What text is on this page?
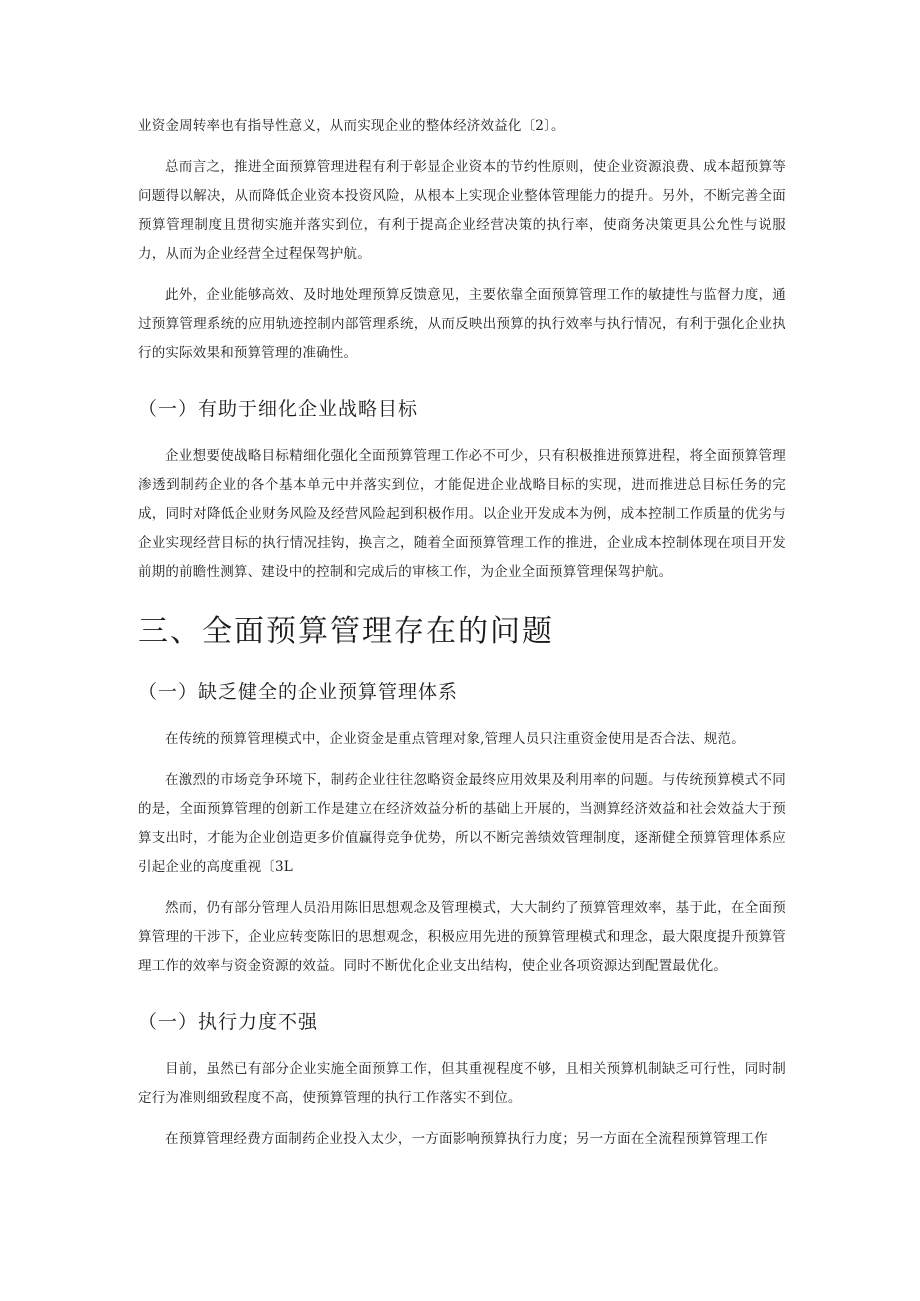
业资金周转率也有指导性意义，从而实现企业的整体经济效益化〔2〕。

总而言之，推进全面预算管理进程有利于彰显企业资本的节约性原则，使企业资源浪费、成本超预算等问题得以解决，从而降低企业资本投资风险，从根本上实现企业整体管理能力的提升。另外，不断完善全面预算管理制度且贯彻实施并落实到位，有利于提高企业经营决策的执行率，使商务决策更具公允性与说服力，从而为企业经营全过程保驾护航。

此外，企业能够高效、及时地处理预算反馈意见，主要依靠全面预算管理工作的敏捷性与监督力度，通过预算管理系统的应用轨迹控制内部管理系统，从而反映出预算的执行效率与执行情况，有利于强化企业执行的实际效果和预算管理的准确性。

（一）有助于细化企业战略目标

企业想要使战略目标精细化强化全面预算管理工作必不可少，只有积极推进预算进程，将全面预算管理渗透到制药企业的各个基本单元中并落实到位，才能促进企业战略目标的实现，进而推进总目标任务的完成，同时对降低企业财务风险及经营风险起到积极作用。以企业开发成本为例，成本控制工作质量的优劣与企业实现经营目标的执行情况挂钩，换言之，随着全面预算管理工作的推进，企业成本控制体现在项目开发前期的前瞻性测算、建设中的控制和完成后的审核工作，为企业全面预算管理保驾护航。

三、全面预算管理存在的问题
（一）缺乏健全的企业预算管理体系

在传统的预算管理模式中，企业资金是重点管理对象,管理人员只注重资金使用是否合法、规范。

在激烈的市场竞争环境下，制药企业往往忽略资金最终应用效果及利用率的问题。与传统预算模式不同的是，全面预算管理的创新工作是建立在经济效益分析的基础上开展的，当测算经济效益和社会效益大于预算支出时，才能为企业创造更多价值赢得竞争优势，所以不断完善绩效管理制度，逐渐健全预算管理体系应引起企业的高度重视〔3L

然而，仍有部分管理人员沿用陈旧思想观念及管理模式，大大制约了预算管理效率，基于此，在全面预算管理的干涉下，企业应转变陈旧的思想观念，积极应用先进的预算管理模式和理念，最大限度提升预算管理工作的效率与资金资源的效益。同时不断优化企业支出结构，使企业各项资源达到配置最优化。

（一）执行力度不强

目前，虽然已有部分企业实施全面预算工作，但其重视程度不够，且相关预算机制缺乏可行性，同时制定行为准则细致程度不高，使预算管理的执行工作落实不到位。

在预算管理经费方面制药企业投入太少，一方面影响预算执行力度；另一方面在全流程预算管理工作
